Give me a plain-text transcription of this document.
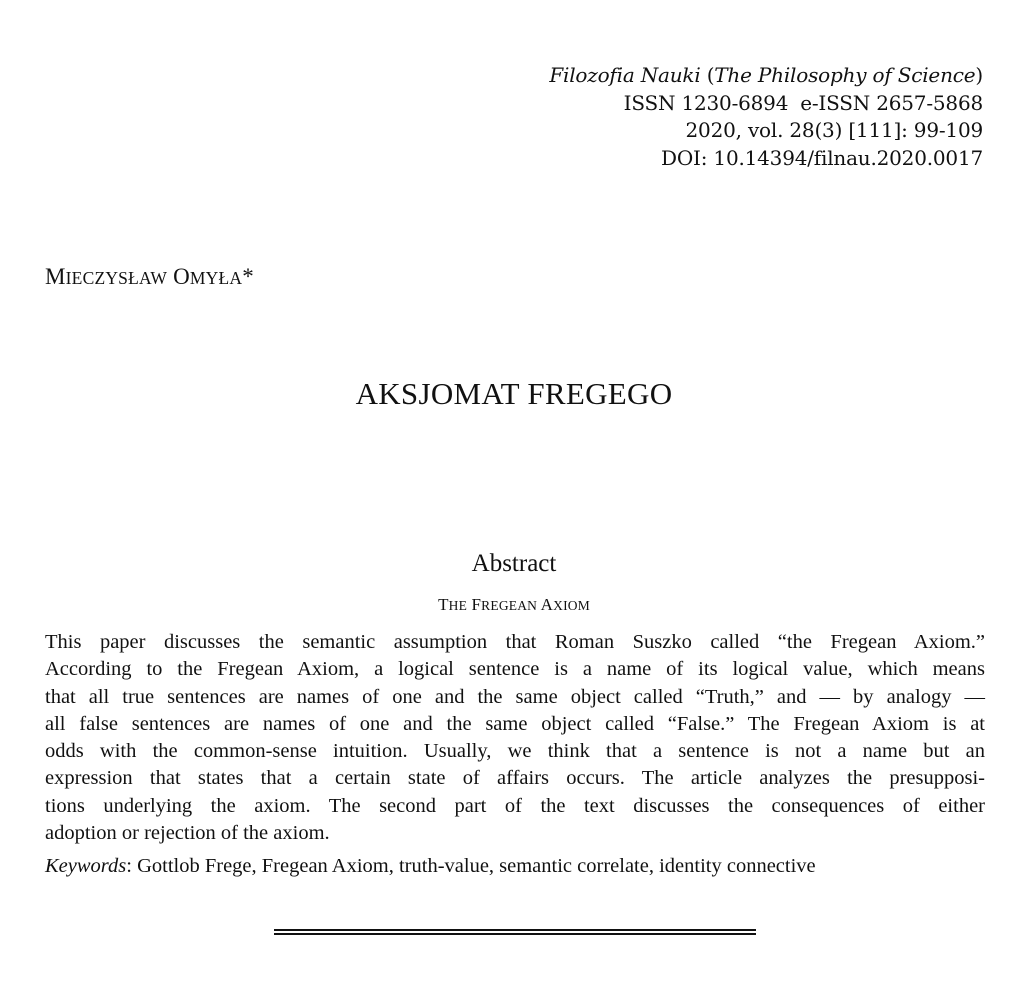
Filozofia Nauki (The Philosophy of Science)
ISSN 1230-6894 e-ISSN 2657-5868
2020, vol. 28(3) [111]: 99-109
DOI: 10.14394/filnau.2020.0017
MIECZYSŁAW OMYŁA*
AKSJOMAT FREGEGO
Abstract
THE FREGEAN AXIOM
This paper discusses the semantic assumption that Roman Suszko called “the Fregean Axiom.”
According to the Fregean Axiom, a logical sentence is a name of its logical value, which means
that all true sentences are names of one and the same object called “Truth,” and — by analogy —
all false sentences are names of one and the same object called “False.” The Fregean Axiom is at
odds with the common-sense intuition. Usually, we think that a sentence is not a name but an
expression that states that a certain state of affairs occurs. The article analyzes the presupposi-
tions underlying the axiom. The second part of the text discusses the consequences of either
adoption or rejection of the axiom.
Keywords: Gottlob Frege, Fregean Axiom, truth-value, semantic correlate, identity connective
